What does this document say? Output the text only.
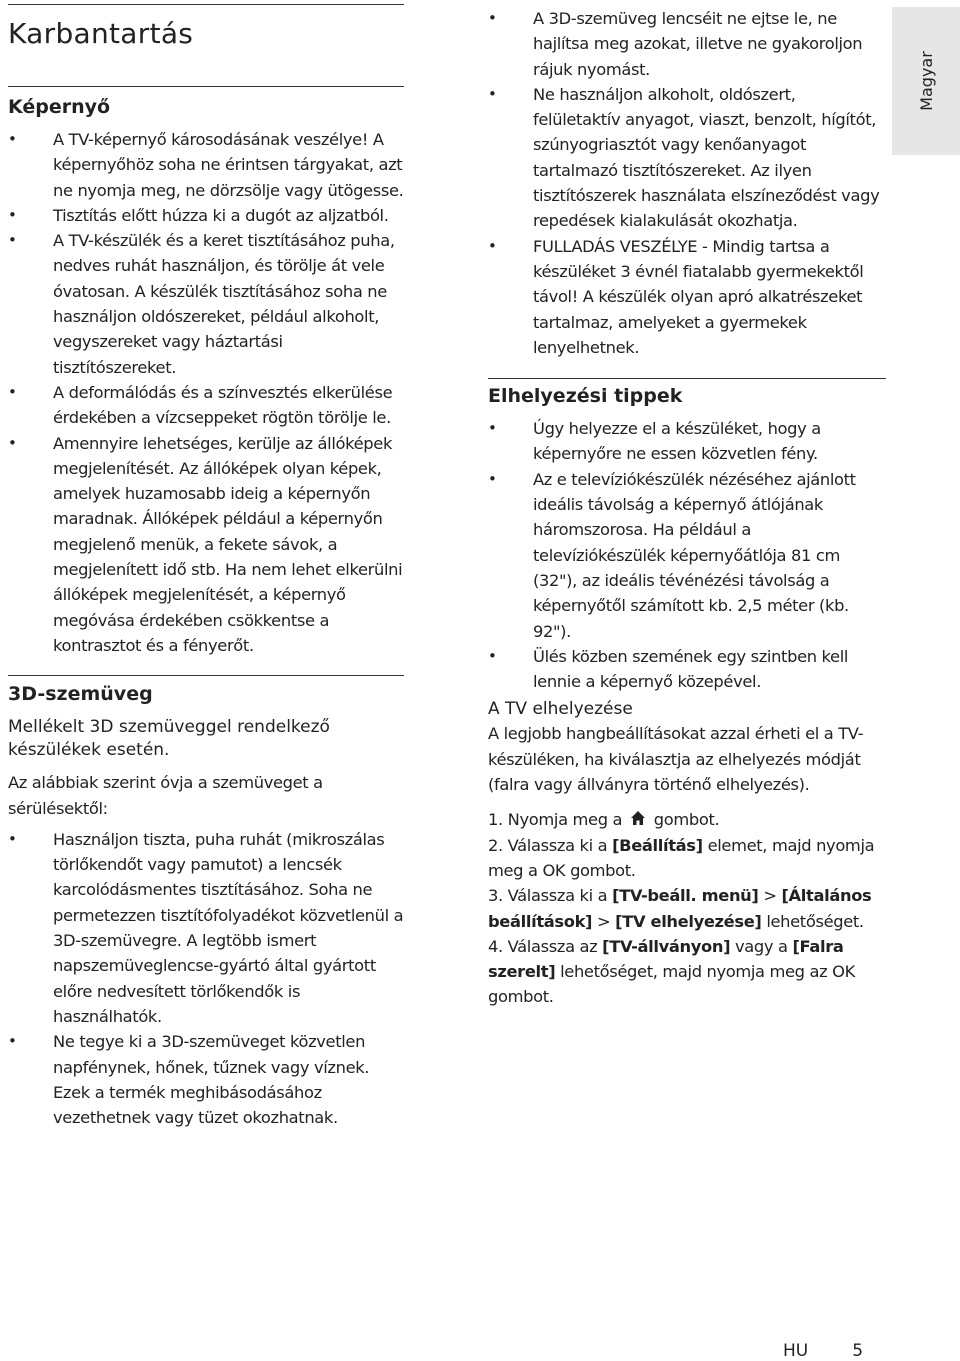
Karbantartás
Képernyő
• A TV-képernyő károsodásának veszélye! A képernyőhöz soha ne érintsen tárgyakat, azt ne nyomja meg, ne dörzsölje vagy ütögesse.
• Tisztítás előtt húzza ki a dugót az aljzatból.
• A TV-készülék és a keret tisztításához puha, nedves ruhát használjon, és törölje át vele óvatosan. A készülék tisztításához soha ne használjon oldószereket, például alkoholt, vegyszereket vagy háztartási tisztítószereket.
• A deformálódás és a színvesztés elkerülése érdekében a vízcseppeket rögtön törölje le.
• Amennyire lehetséges, kerülje az állóképek megjelenítését. Az állóképek olyan képek, amelyek huzamosabb ideig a képernyőn maradnak. Állóképek például a képernyőn megjelenő menük, a fekete sávok, a megjelenített idő stb. Ha nem lehet elkerülni állóképek megjelenítését, a képernyő megóvása érdekében csökkentse a kontrasztot és a fényerőt.
3D-szemüveg
Mellékelt 3D szemüveggel rendelkező készülékek esetén.

Az alábbiak szerint óvja a szemüveget a sérülésektől:

• Használjon tiszta, puha ruhát (mikroszálas törlőkendőt vagy pamutot) a lencsék karcolódásmentes tisztításához. Soha ne permetezzen tisztítófolyadékot közvetlenül a 3D-szemüvegre. A legtöbb ismert napszemüveglencse-gyártó által gyártott előre nedvesített törlőkendők is használhatók.
• Ne tegye ki a 3D-szemüveget közvetlen napfénynek, hőnek, tűznek vagy víznek. Ezek a termék meghibásodásához vezethetnek vagy tüzet okozhatnak.
• A 3D-szemüveg lencséit ne ejtse le, ne hajlítsa meg azokat, illetve ne gyakoroljon rájuk nyomást.
• Ne használjon alkoholt, oldószert, felületaktív anyagot, viaszt, benzolt, hígítót, szúnyogriasztót vagy kenőanyagot tartalmazó tisztítószereket. Az ilyen tisztítószerek használata elszíneződést vagy repedések kialakulását okozhatja.
• FULLADÁS VESZÉLYE - Mindig tartsa a készüléket 3 évnél fiatalabb gyermekektől távol! A készülék olyan apró alkatrészeket tartalmaz, amelyeket a gyermekek lenyelhetnek.
Elhelyezési tippek
• Úgy helyezze el a készüléket, hogy a képernyőre ne essen közvetlen fény.
• Az e televíziókészülék nézéséhez ajánlott ideális távolság a képernyő átlójának háromszorosa. Ha például a televíziókészülék képernyőátlója 81 cm (32"), az ideális tévénézési távolság a képernyőtől számított kb. 2,5 méter (kb. 92").
• Ülés közben szemének egy szintben kell lennie a képernyő közepével.
A TV elhelyezése

A legjobb hangbeállításokat azzal érheti el a TV-készüléken, ha kiválasztja az elhelyezés módját (falra vagy állványra történő elhelyezés).

1. Nyomja meg a gombot.

2. Válassza ki a [Beállítás] elemet, majd nyomja meg a OK gombot.

3. Válassza ki a [TV-beáll. menü] > [Általános beállítások] > [TV elhelyezése] lehetőséget.

4. Válassza az [TV-állványon] vagy a [Falra szerelt] lehetőséget, majd nyomja meg az OK gombot.

Magyar
HU	5
